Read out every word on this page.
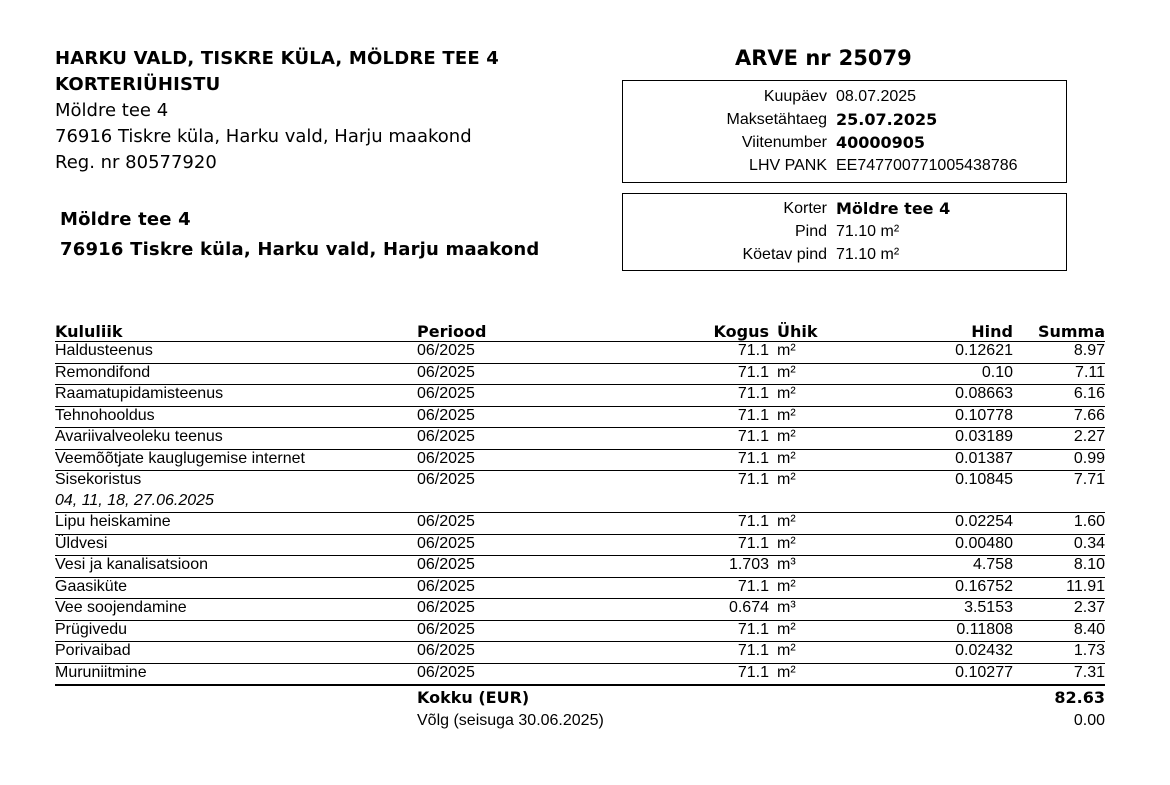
HARKU VALD, TISKRE KÜLA, MÖLDRE TEE 4
KORTERIÜHISTU
Möldre tee 4
76916 Tiskre küla, Harku vald, Harju maakond
Reg. nr 80577920
Möldre tee 4
76916 Tiskre küla, Harku vald, Harju maakond
ARVE nr 25079
Kuupäev 08.07.2025
Maksetähtaeg 25.07.2025
Viitenumber 40000905
LHV PANK EE747700771005438786
Korter Möldre tee 4
Pind 71.10 m²
Köetav pind 71.10 m²
Kululiik	Periood	Kogus	Ühik	Hind	Summa
Haldusteenus	06/2025	71.1	m²	0.12621	8.97
Remondifond	06/2025	71.1	m²	0.10	7.11
Raamatupidamisteenus	06/2025	71.1	m²	0.08663	6.16
Tehnohooldus	06/2025	71.1	m²	0.10778	7.66
Avariivalveoleku teenus	06/2025	71.1	m²	0.03189	2.27
Veemõõtjate kauglugemise internet	06/2025	71.1	m²	0.01387	0.99
Sisekoristus	06/2025	71.1	m²	0.10845	7.71
04, 11, 18, 27.06.2025					
Lipu heiskamine	06/2025	71.1	m²	0.02254	1.60
Üldvesi	06/2025	71.1	m²	0.00480	0.34
Vesi ja kanalisatsioon	06/2025	1.703	m³	4.758	8.10
Gaasiküte	06/2025	71.1	m²	0.16752	11.91
Vee soojendamine	06/2025	0.674	m³	3.5153	2.37
Prügivedu	06/2025	71.1	m²	0.11808	8.40
Porivaibad	06/2025	71.1	m²	0.02432	1.73
Muruniitmine	06/2025	71.1	m²	0.10277	7.31
	Kokku (EUR)				82.63

	Võlg (seisuga 30.06.2025)				0.00
